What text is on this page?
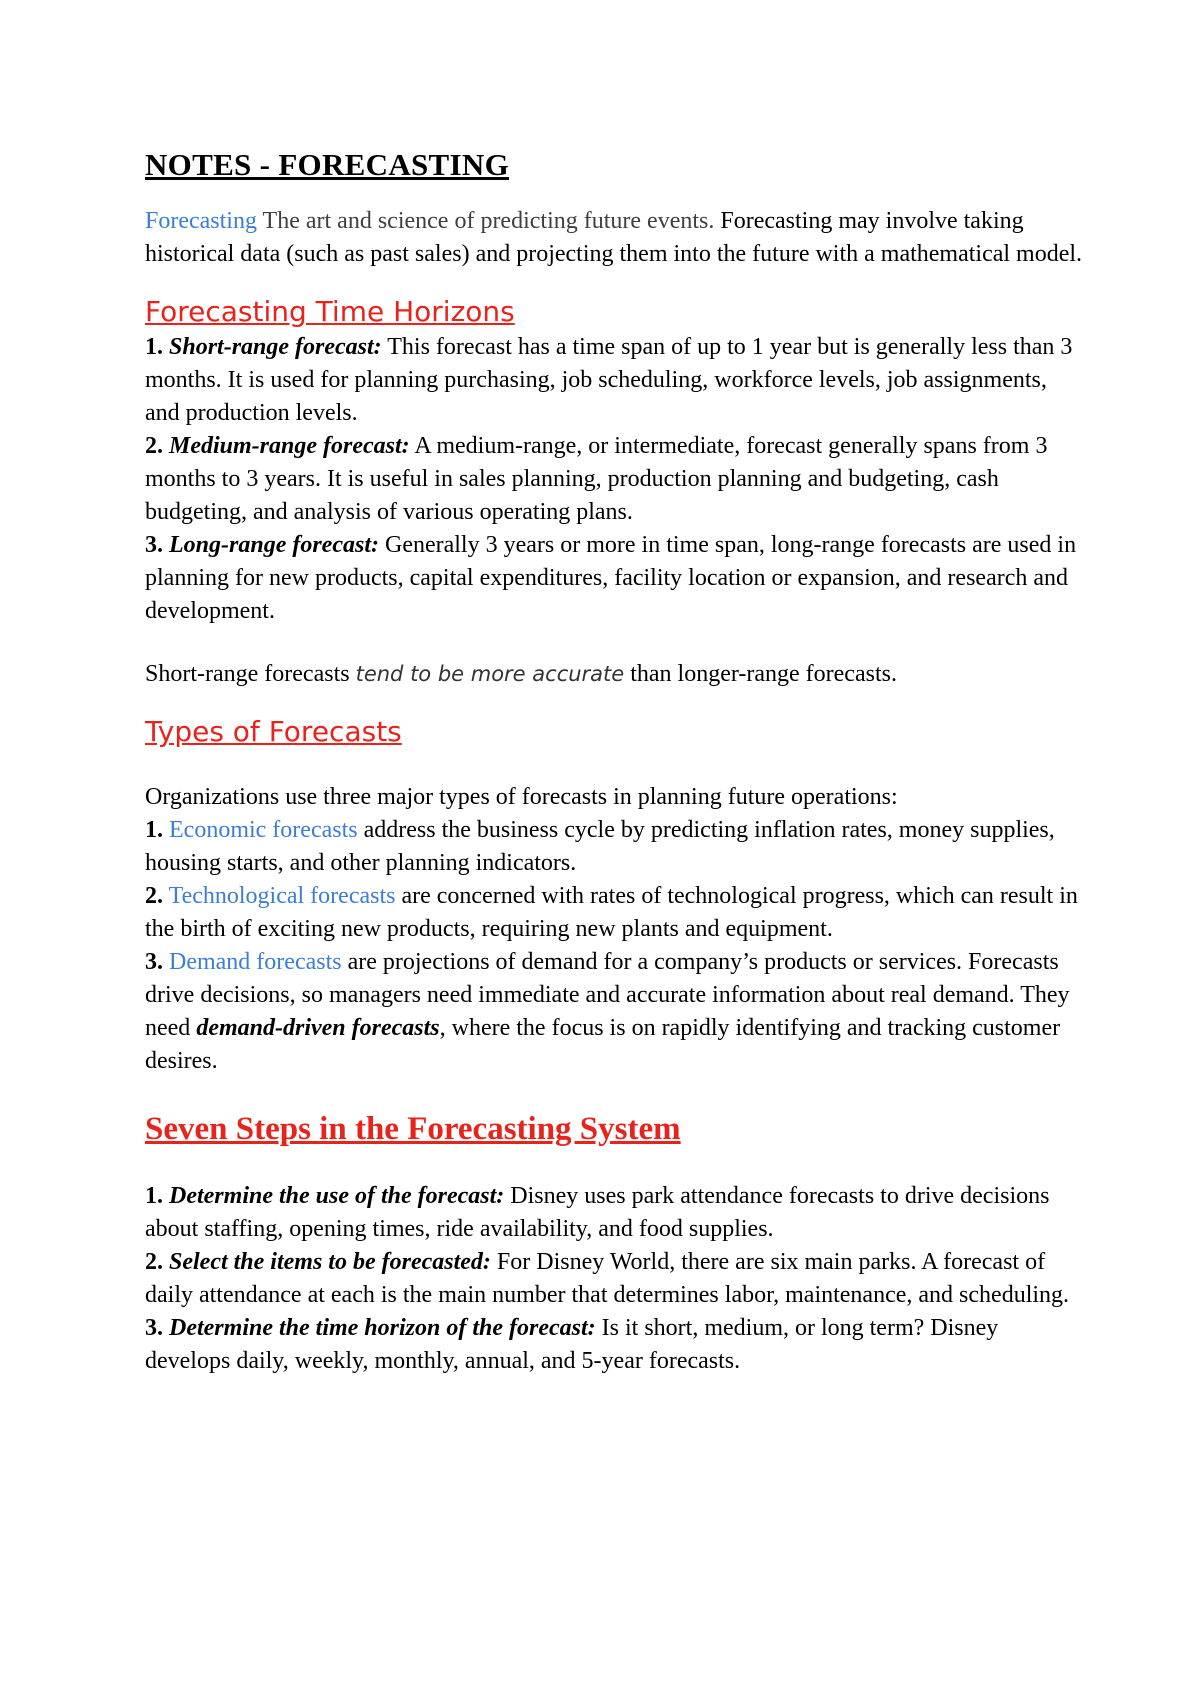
NOTES - FORECASTING

Forecasting The art and science of predicting future events. Forecasting may involve taking historical data (such as past sales) and projecting them into the future with a mathematical model.

Forecasting Time Horizons

1. Short-range forecast: This forecast has a time span of up to 1 year but is generally less than 3 months. It is used for planning purchasing, job scheduling, workforce levels, job assignments, and production levels.

2. Medium-range forecast: A medium-range, or intermediate, forecast generally spans from 3 months to 3 years. It is useful in sales planning, production planning and budgeting, cash budgeting, and analysis of various operating plans.

3. Long-range forecast: Generally 3 years or more in time span, long-range forecasts are used in planning for new products, capital expenditures, facility location or expansion, and research and development.

Short-range forecasts tend to be more accurate than longer-range forecasts.

Types of Forecasts

Organizations use three major types of forecasts in planning future operations:

1. Economic forecasts address the business cycle by predicting inflation rates, money supplies, housing starts, and other planning indicators.

2. Technological forecasts are concerned with rates of technological progress, which can result in the birth of exciting new products, requiring new plants and equipment.

3. Demand forecasts are projections of demand for a company’s products or services. Forecasts drive decisions, so managers need immediate and accurate information about real demand. They need demand-driven forecasts, where the focus is on rapidly identifying and tracking customer desires.

Seven Steps in the Forecasting System

1. Determine the use of the forecast: Disney uses park attendance forecasts to drive decisions about staffing, opening times, ride availability, and food supplies.

2. Select the items to be forecasted: For Disney World, there are six main parks. A forecast of daily attendance at each is the main number that determines labor, maintenance, and scheduling.

3. Determine the time horizon of the forecast: Is it short, medium, or long term? Disney develops daily, weekly, monthly, annual, and 5-year forecasts.
